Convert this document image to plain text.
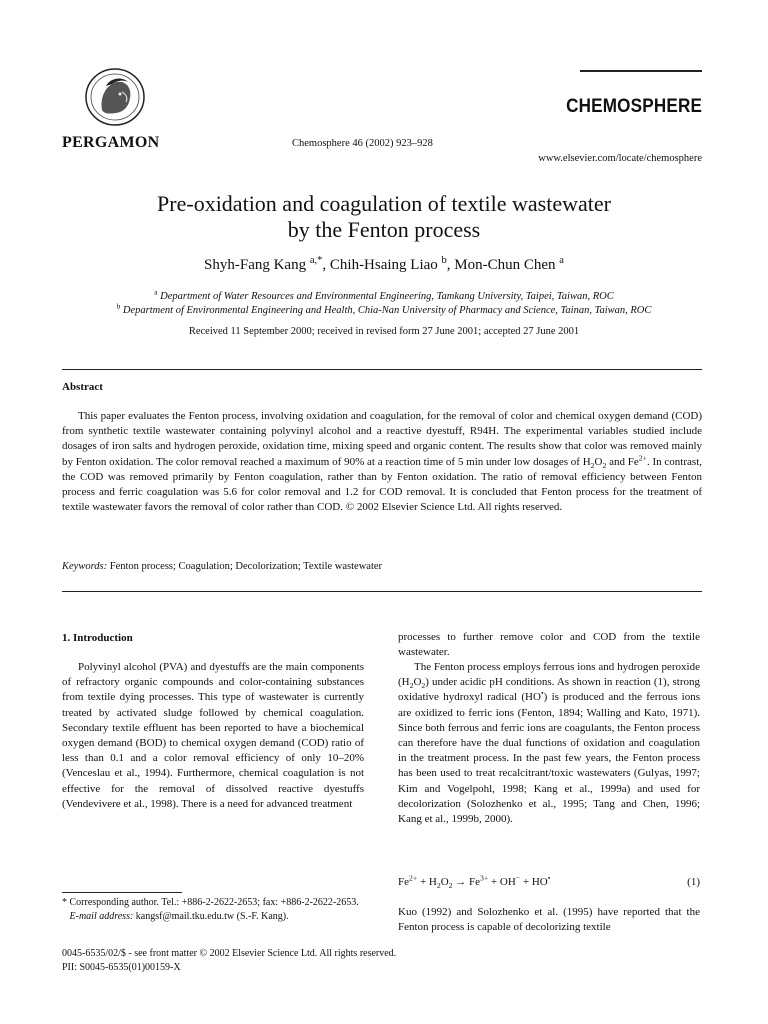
PERGAMON	Chemosphere 46 (2002) 923–928
CHEMOSPHERE
www.elsevier.com/locate/chemosphere
Pre-oxidation and coagulation of textile wastewater
by the Fenton process
Shyh-Fang Kang $^{a,*}$, Chih-Hsaing Liao $^b$, Mon-Chun Chen $^a$
$^a$ Department of Water Resources and Environmental Engineering, Tamkang University, Taipei, Taiwan, ROC
$^b$ Department of Environmental Engineering and Health, Chia-Nan University of Pharmacy and Science, Tainan, Taiwan, ROC
Received 11 September 2000; received in revised form 27 June 2001; accepted 27 June 2001
Abstract
This paper evaluates the Fenton process, involving oxidation and coagulation, for the removal of color and chemical oxygen demand (COD) from synthetic textile wastewater containing polyvinyl alcohol and a reactive dyestuff, R94H. The experimental variables studied include dosages of iron salts and hydrogen peroxide, oxidation time, mixing speed and organic content. The results show that color was removed mainly by Fenton oxidation. The color removal reached a maximum of 90% at a reaction time of 5 min under low dosages of $H_2O_2$ and $Fe^{2+}$. In contrast, the COD was removed primarily by Fenton coagulation, rather than by Fenton oxidation. The ratio of removal efficiency between Fenton process and ferric coagulation was 5.6 for color removal and 1.2 for COD removal. It is concluded that Fenton process for the treatment of textile wastewater favors the removal of color rather than COD. © 2002 Elsevier Science Ltd. All rights reserved.
Keywords: Fenton process; Coagulation; Decolorization; Textile wastewater
1. Introduction
Polyvinyl alcohol (PVA) and dyestuffs are the main components of refractory organic compounds and color-containing substances from textile dying processes. This type of wastewater is currently treated by activated sludge followed by chemical coagulation. Secondary textile effluent has been reported to have a biochemical oxygen demand (BOD) to chemical oxygen demand (COD) ratio of less than 0.1 and a color removal efficiency of only 10–20% (Venceslau et al., 1994). Furthermore, chemical coagulation is not effective for the removal of dissolved reactive dyestuffs (Vendevivere et al., 1998). There is a need for advanced treatment
processes to further remove color and COD from the textile wastewater.
The Fenton process employs ferrous ions and hydrogen peroxide $(H_2O_2)$ under acidic pH conditions. As shown in reaction (1), strong oxidative hydroxyl radical (HO•) is produced and the ferrous ions are oxidized to ferric ions (Fenton, 1894; Walling and Kato, 1971). Since both ferrous and ferric ions are coagulants, the Fenton process can therefore have the dual functions of oxidation and coagulation in the treatment process. In the past few years, the Fenton process has been used to treat recalcitrant/toxic wastewaters (Gulyas, 1997; Kim and Vogelpohl, 1998; Kang et al., 1999a) and used for decolorization (Solozhenko et al., 1995; Tang and Chen, 1996; Kang et al., 1999b, 2000).
$Fe^{2+} + H_2O_2 \to Fe^{3+} + OH^- + HO^•$	(1)
Kuo (1992) and Solozhenko et al. (1995) have reported that the Fenton process is capable of decolorizing textile
* Corresponding author. Tel.: +886-2-2622-2653; fax: +886-2-2622-2653.
E-mail address: kangsf@mail.tku.edu.tw (S.-F. Kang).
0045-6535/02/$ - see front matter © 2002 Elsevier Science Ltd. All rights reserved.
PII: S0045-6535(01)00159-X
